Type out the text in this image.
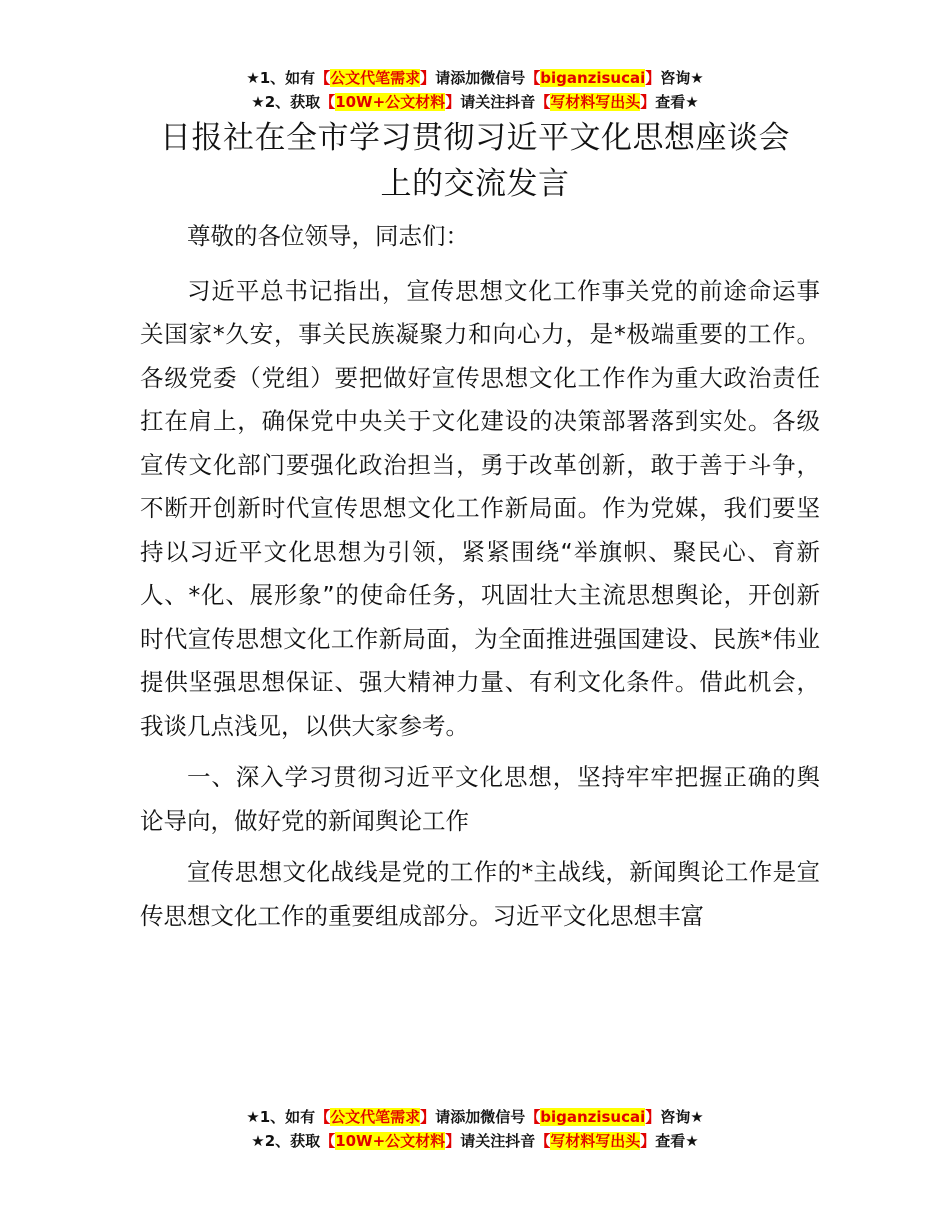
★1、如有【公文代笔需求】请添加微信号【biganzisucai】咨询★
★2、获取【10W+公文材料】请关注抖音【写材料写出头】查看★
日报社在全市学习贯彻习近平文化思想座谈会
上的交流发言

尊敬的各位领导，同志们：

习近平总书记指出，宣传思想文化工作事关党的前途命运事关国家*久安，事关民族凝聚力和向心力，是*极端重要的工作。各级党委（党组）要把做好宣传思想文化工作作为重大政治责任扛在肩上，确保党中央关于文化建设的决策部署落到实处。各级宣传文化部门要强化政治担当，勇于改革创新，敢于善于斗争，不断开创新时代宣传思想文化工作新局面。作为党媒，我们要坚持以习近平文化思想为引领，紧紧围绕“举旗帜、聚民心、育新人、*化、展形象”的使命任务，巩固壮大主流思想舆论，开创新时代宣传思想文化工作新局面，为全面推进强国建设、民族*伟业提供坚强思想保证、强大精神力量、有利文化条件。借此机会，我谈几点浅见，以供大家参考。

一、深入学习贯彻习近平文化思想，坚持牢牢把握正确的舆论导向，做好党的新闻舆论工作

宣传思想文化战线是党的工作的*主战线，新闻舆论工作是宣传思想文化工作的重要组成部分。习近平文化思想丰富

★1、如有【公文代笔需求】请添加微信号【biganzisucai】咨询★
★2、获取【10W+公文材料】请关注抖音【写材料写出头】查看★
